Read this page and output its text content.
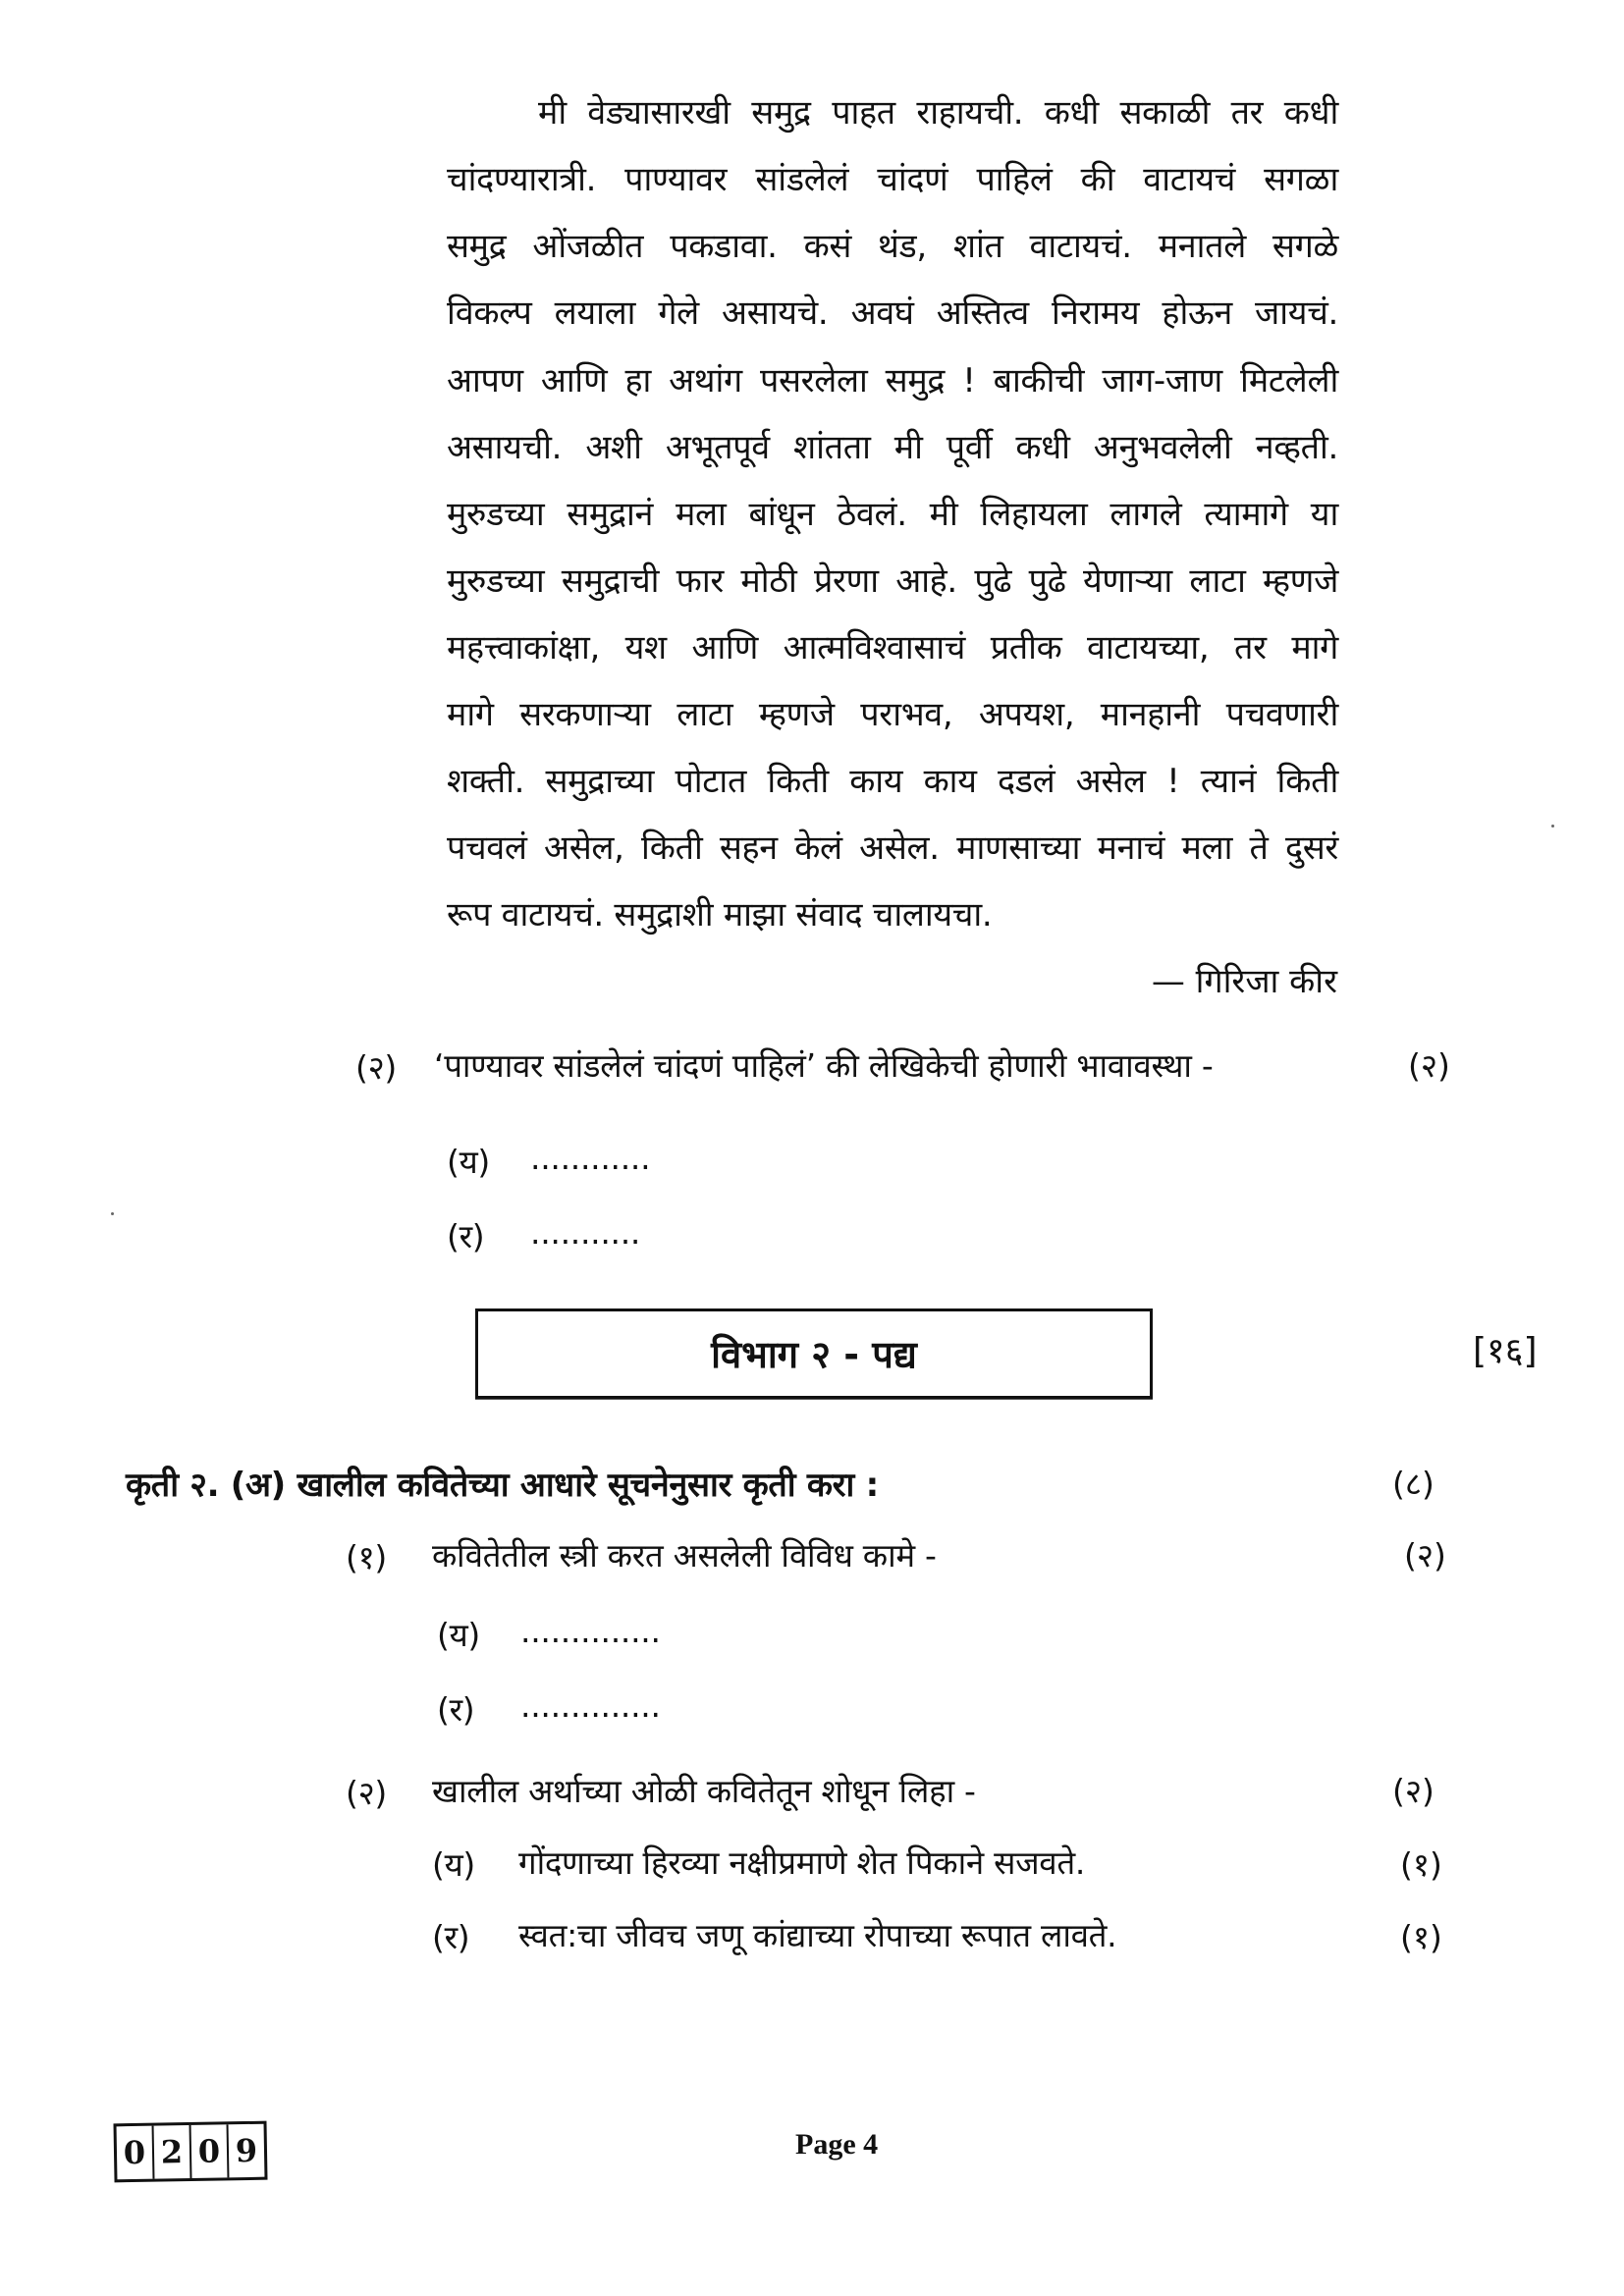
मी वेड्यासारखी समुद्र पाहत राहायची. कधी सकाळी तर कधी
चांदण्यारात्री. पाण्यावर सांडलेलं चांदणं पाहिलं की वाटायचं सगळा
समुद्र ओंजळीत पकडावा. कसं थंड, शांत वाटायचं. मनातले सगळे
विकल्प लयाला गेले असायचे. अवघं अस्तित्व निरामय होऊन जायचं.
आपण आणि हा अथांग पसरलेला समुद्र ! बाकीची जाग-जाण मिटलेली
असायची. अशी अभूतपूर्व शांतता मी पूर्वी कधी अनुभवलेली नव्हती.
मुरुडच्या समुद्रानं मला बांधून ठेवलं. मी लिहायला लागले त्यामागे या
मुरुडच्या समुद्राची फार मोठी प्रेरणा आहे. पुढे पुढे येणाऱ्या लाटा म्हणजे
महत्त्वाकांक्षा, यश आणि आत्मविश्वासाचं प्रतीक वाटायच्या, तर मागे
मागे सरकणाऱ्या लाटा म्हणजे पराभव, अपयश, मानहानी पचवणारी
शक्ती. समुद्राच्या पोटात किती काय काय दडलं असेल ! त्यानं किती
पचवलं असेल, किती सहन केलं असेल. माणसाच्या मनाचं मला ते दुसरं
रूप वाटायचं. समुद्राशी माझा संवाद चालायचा.
— गिरिजा कीर
(२) ‘पाण्यावर सांडलेलं चांदणं पाहिलं’ की लेखिकेची होणारी भावावस्था -	(२)
(य) ............
(र) ...........
विभाग २ - पद्य	[१६]
कृती २. (अ) खालील कवितेच्या आधारे सूचनेनुसार कृती करा :	(८)
(१) कवितेतील स्त्री करत असलेली विविध कामे -	(२)
(य) ..............
(र) ..............
(२) खालील अर्थाच्या ओळी कवितेतून शोधून लिहा -	(२)
(य) गोंदणाच्या हिरव्या नक्षीप्रमाणे शेत पिकाने सजवते.	(१)
(र) स्वत:चा जीवच जणू कांद्याच्या रोपाच्या रूपात लावते.	(१)
0 2 0 9	Page 4
